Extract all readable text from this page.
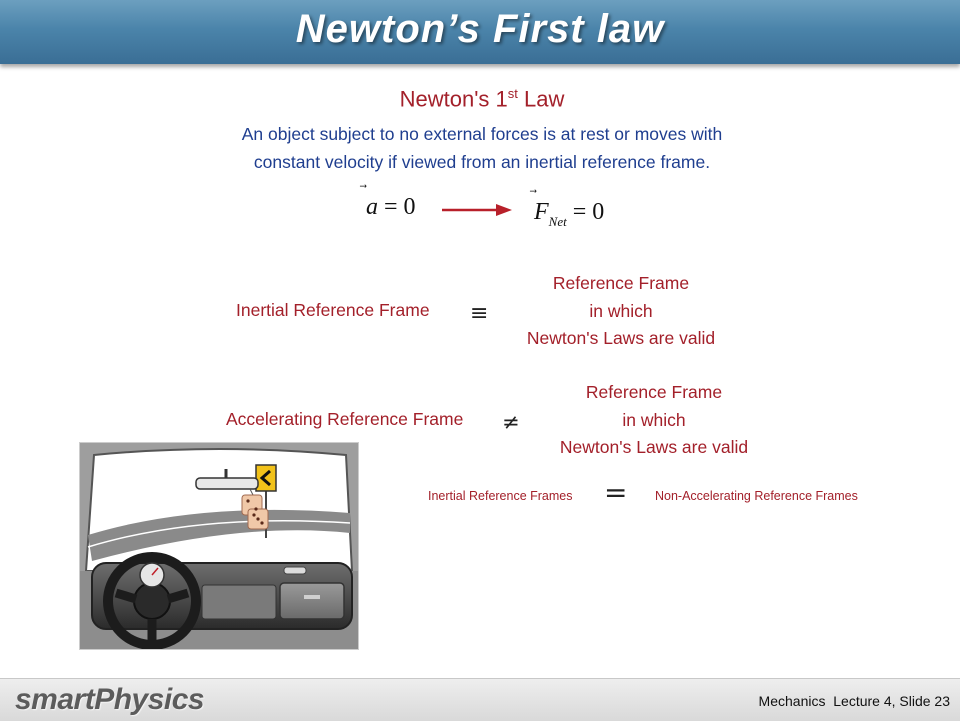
Newton’s First law
Newton's 1st Law
An object subject to no external forces is at rest or moves with
constant velocity if viewed from an inertial reference frame.
a = 0	$F_{Net} = 0$
Inertial Reference Frame ≡
Reference Frame
in which
Newton's Laws are valid
Accelerating Reference Frame ≠
Reference Frame
in which
Newton's Laws are valid
Inertial Reference Frames = Non-Accelerating Reference Frames
smartPhysics	Mechanics  Lecture 4, Slide 23
